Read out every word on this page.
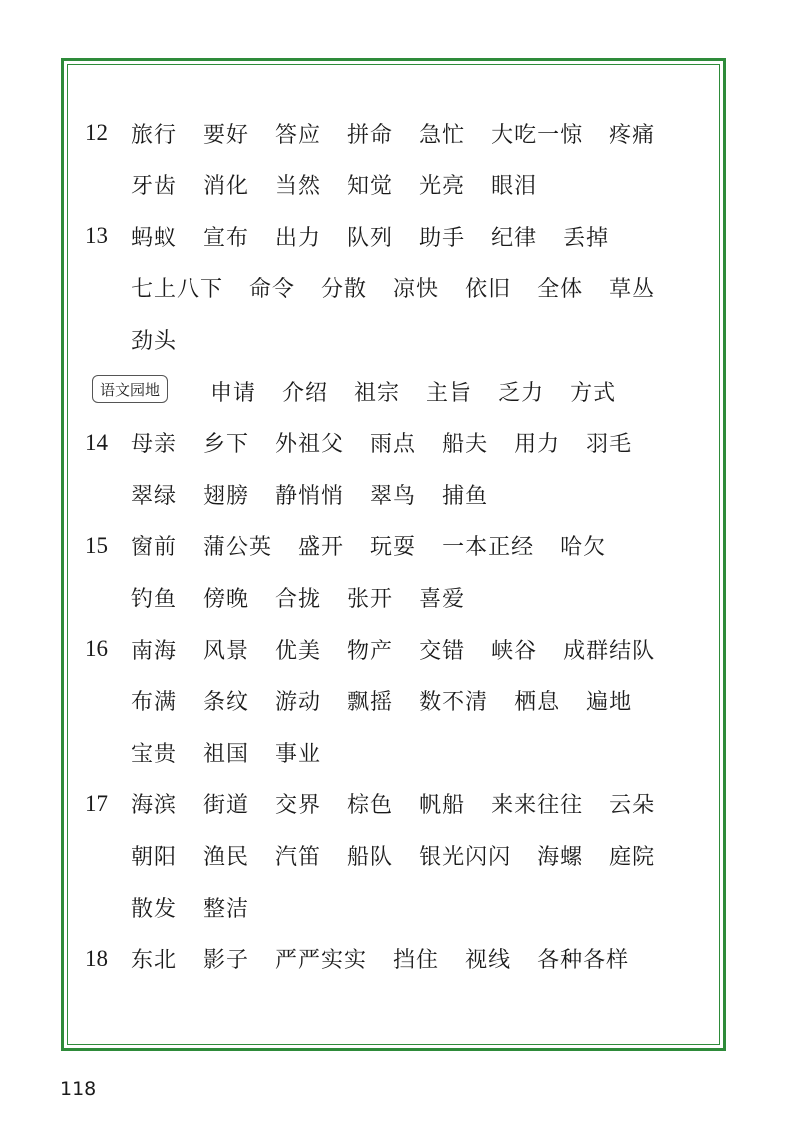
12	旅行 要好 答应 拼命 急忙 大吃一惊 疼痛
牙齿 消化 当然 知觉 光亮 眼泪
13	蚂蚁 宣布 出力 队列 助手 纪律 丢掉
七上八下 命令 分散 凉快 依旧 全体 草丛
劲头
语文园地	申请 介绍 祖宗 主旨 乏力 方式
14	母亲 乡下 外祖父 雨点 船夫 用力 羽毛
翠绿 翅膀 静悄悄 翠鸟 捕鱼
15	窗前 蒲公英 盛开 玩耍 一本正经 哈欠
钓鱼 傍晚 合拢 张开 喜爱
16	南海 风景 优美 物产 交错 峡谷 成群结队
布满 条纹 游动 飘摇 数不清 栖息 遍地
宝贵 祖国 事业
17	海滨 街道 交界 棕色 帆船 来来往往 云朵
朝阳 渔民 汽笛 船队 银光闪闪 海螺 庭院
散发 整洁
18	东北 影子 严严实实 挡住 视线 各种各样
118
